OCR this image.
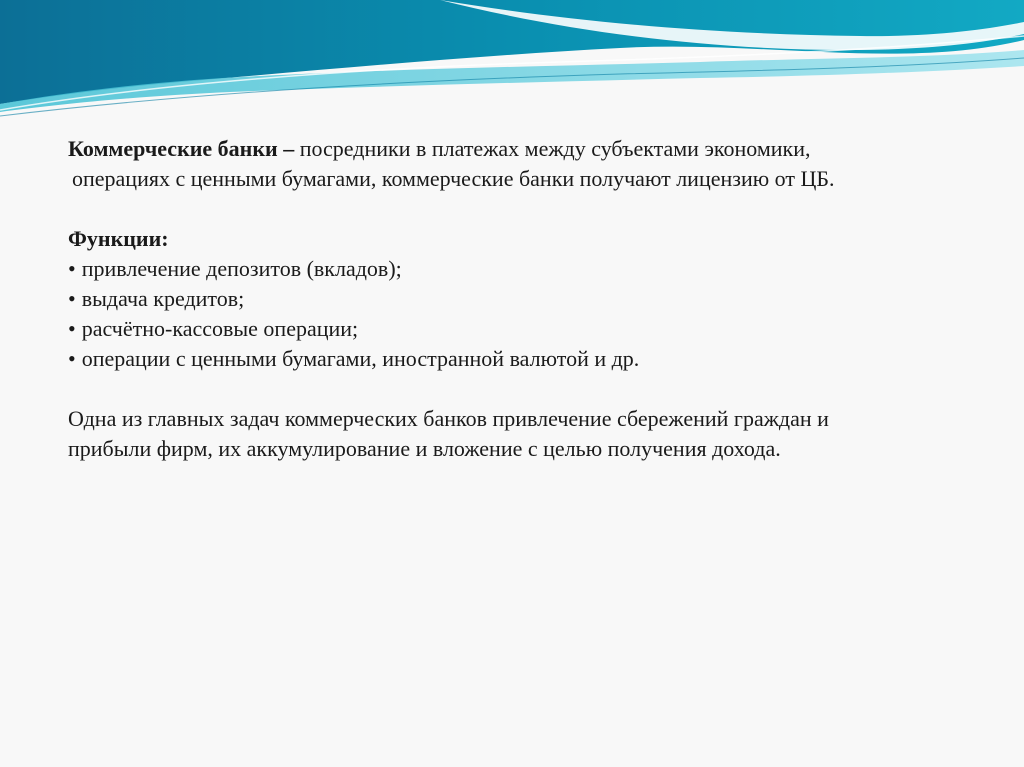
Коммерческие банки – посредники в платежах между субъектами экономики,

операциях с ценными бумагами, коммерческие банки получают лицензию от ЦБ.

Функции:

• привлечение депозитов (вкладов);
• выдача кредитов;
• расчётно-кассовые операции;
• операции с ценными бумагами, иностранной валютой и др.

Одна из главных задач коммерческих банков привлечение сбережений граждан и

прибыли фирм, их аккумулирование и вложение с целью получения дохода.
